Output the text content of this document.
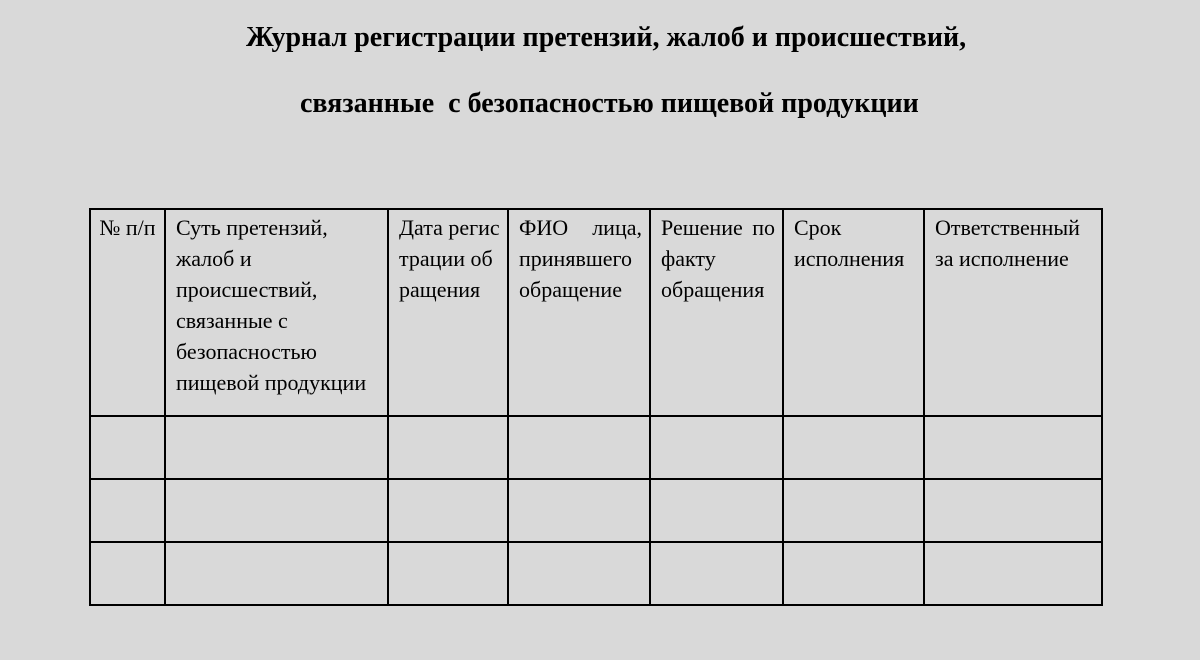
Журнал регистрации претензий, жалоб и происшествий,
связанные  с безопасностью пищевой продукции
№ п/п	Суть претензий, жалоб и происшествий, связанные с безопасностью пищевой продукции	Дата регистрации обращения	ФИО лица, принявшего обращение	Решение по факту обращения	Срок исполнения	Ответственный за исполнение
